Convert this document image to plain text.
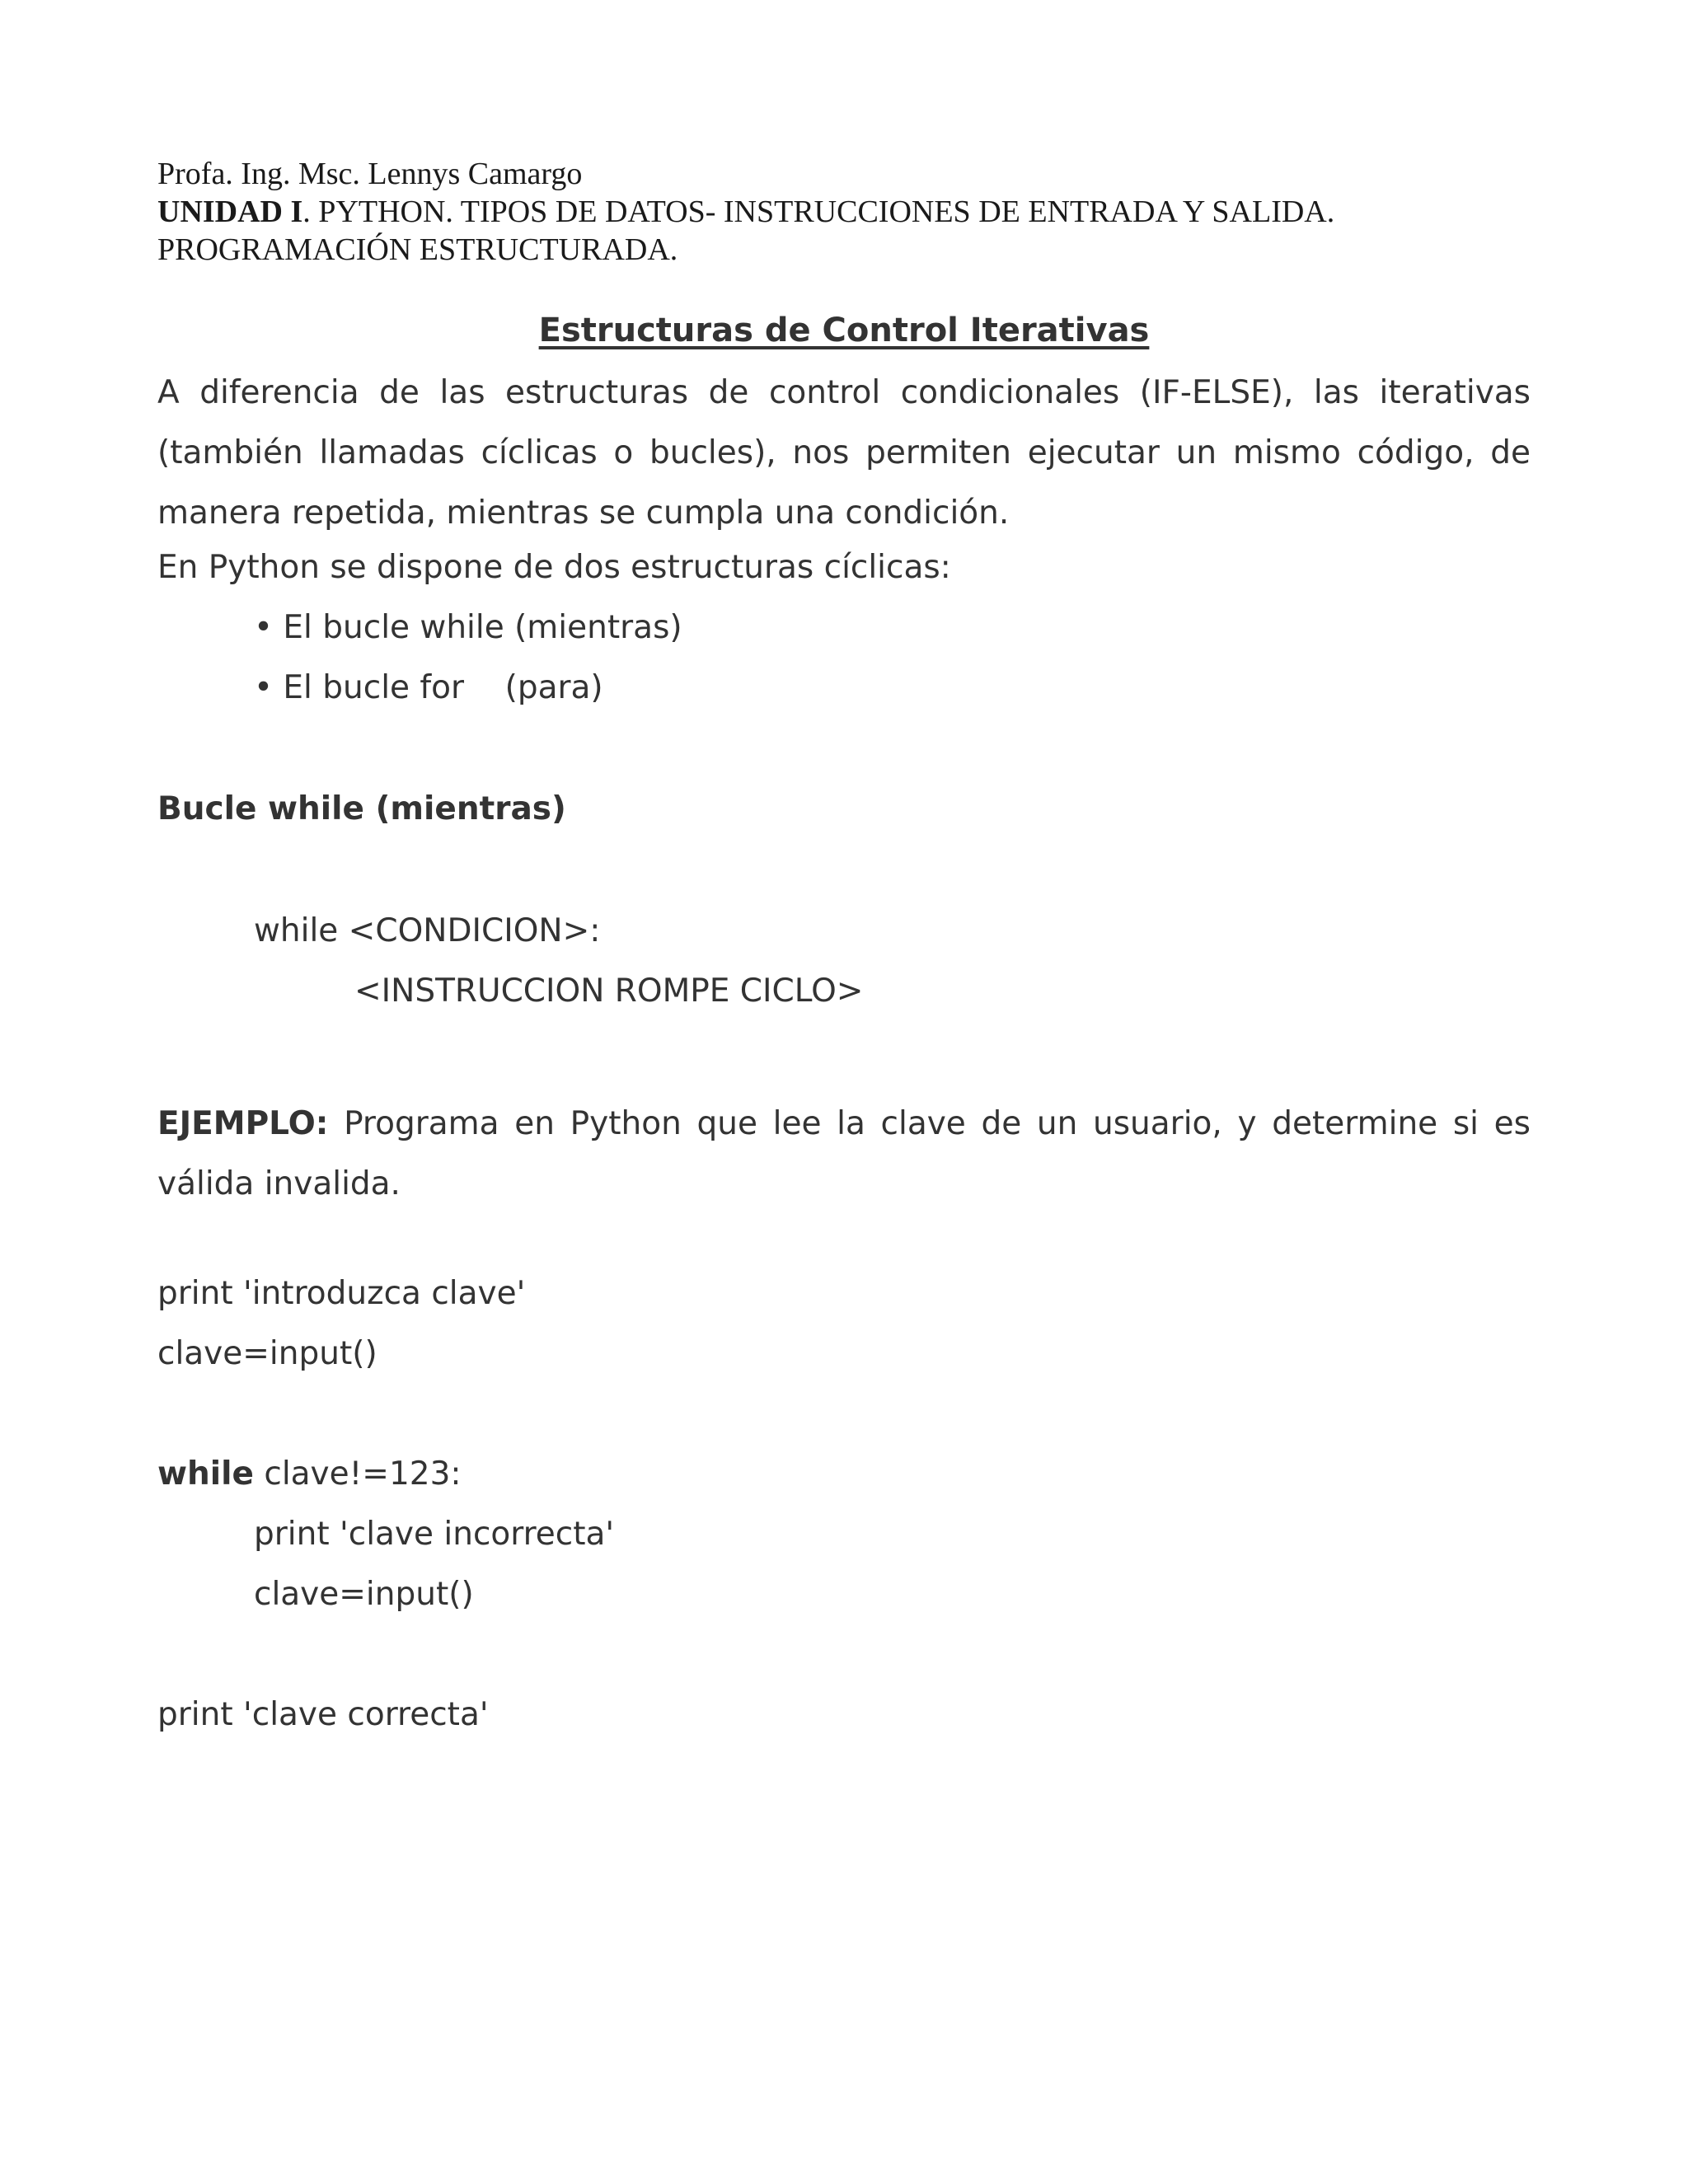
Profa. Ing. Msc. Lennys Camargo
UNIDAD I. PYTHON. TIPOS DE DATOS- INSTRUCCIONES DE ENTRADA Y SALIDA.
PROGRAMACIÓN ESTRUCTURADA.
Estructuras de Control Iterativas
A diferencia de las estructuras de control condicionales (IF-ELSE), las iterativas (también llamadas cíclicas o bucles), nos permiten ejecutar un mismo código, de manera repetida, mientras se cumpla una condición.
En Python se dispone de dos estructuras cíclicas:
• El bucle while (mientras)
• El bucle for    (para)
Bucle while (mientras)
while <CONDICION>:
<INSTRUCCION ROMPE CICLO>
EJEMPLO: Programa en Python que lee la clave de un usuario, y determine si es válida invalida.
print 'introduzca clave'
clave=input()
while clave!=123:
print 'clave incorrecta'
clave=input()
print 'clave correcta'
